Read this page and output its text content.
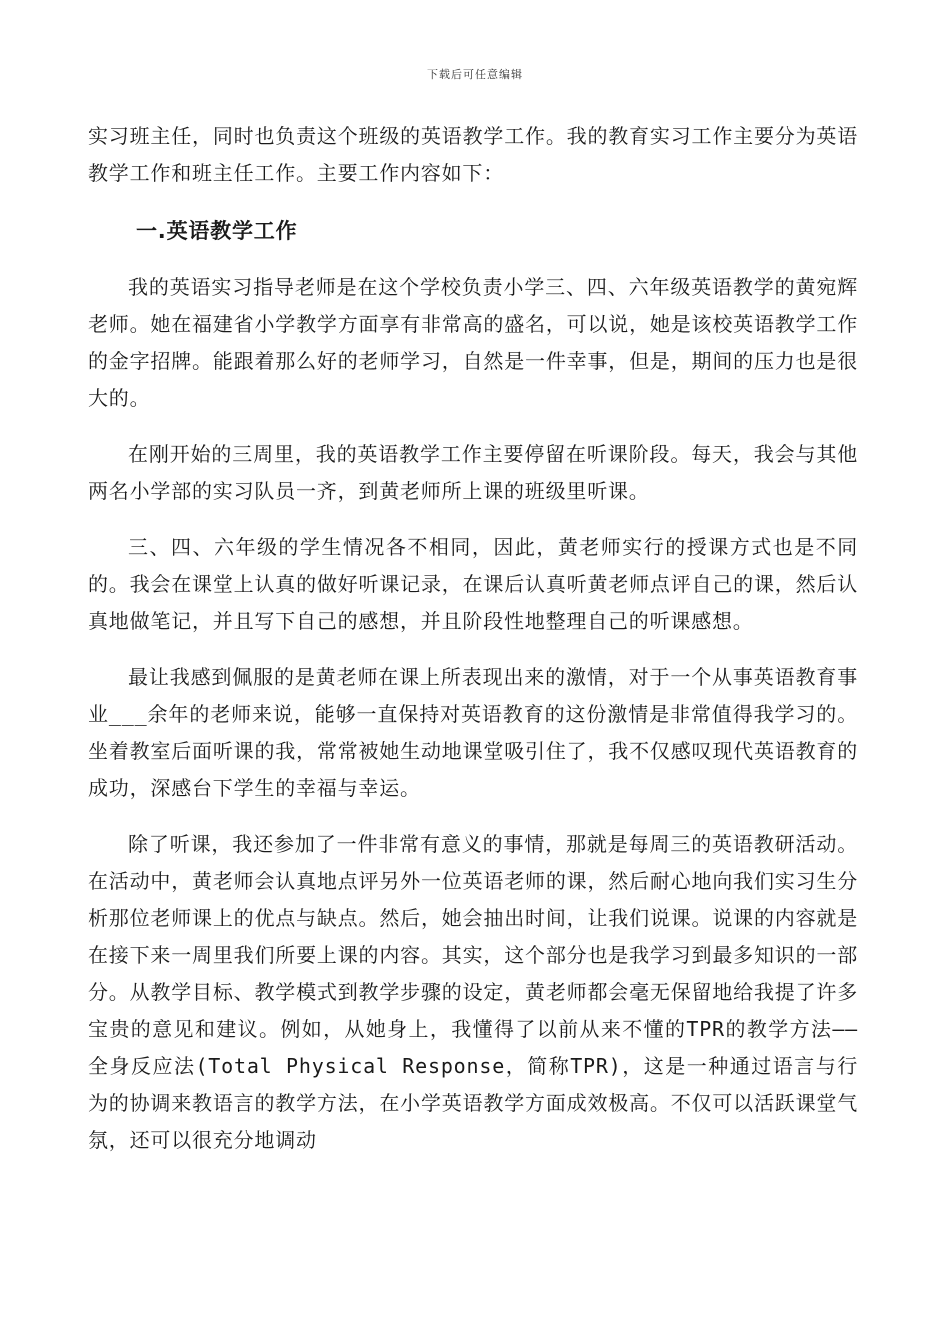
下载后可任意编辑

实习班主任，同时也负责这个班级的英语教学工作。我的教育实习工作主要分为英语教学工作和班主任工作。主要工作内容如下：

一.英语教学工作

我的英语实习指导老师是在这个学校负责小学三、四、六年级英语教学的黄宛辉老师。她在福建省小学教学方面享有非常高的盛名，可以说，她是该校英语教学工作的金字招牌。能跟着那么好的老师学习，自然是一件幸事，但是，期间的压力也是很大的。

在刚开始的三周里，我的英语教学工作主要停留在听课阶段。每天，我会与其他两名小学部的实习队员一齐，到黄老师所上课的班级里听课。

三、四、六年级的学生情况各不相同，因此，黄老师实行的授课方式也是不同的。我会在课堂上认真的做好听课记录，在课后认真听黄老师点评自己的课，然后认真地做笔记，并且写下自己的感想，并且阶段性地整理自己的听课感想。

最让我感到佩服的是黄老师在课上所表现出来的激情，对于一个从事英语教育事业___余年的老师来说，能够一直保持对英语教育的这份激情是非常值得我学习的。坐着教室后面听课的我，常常被她生动地课堂吸引住了，我不仅感叹现代英语教育的成功，深感台下学生的幸福与幸运。

除了听课，我还参加了一件非常有意义的事情，那就是每周三的英语教研活动。在活动中，黄老师会认真地点评另外一位英语老师的课，然后耐心地向我们实习生分析那位老师课上的优点与缺点。然后，她会抽出时间，让我们说课。说课的内容就是在接下来一周里我们所要上课的内容。其实，这个部分也是我学习到最多知识的一部分。从教学目标、教学模式到教学步骤的设定，黄老师都会毫无保留地给我提了许多宝贵的意见和建议。例如，从她身上，我懂得了以前从来不懂的TPR的教学方法——全身反应法(Total Physical Response，简称TPR)，这是一种通过语言与行为的协调来教语言的教学方法，在小学英语教学方面成效极高。不仅可以活跃课堂气氛，还可以很充分地调动
